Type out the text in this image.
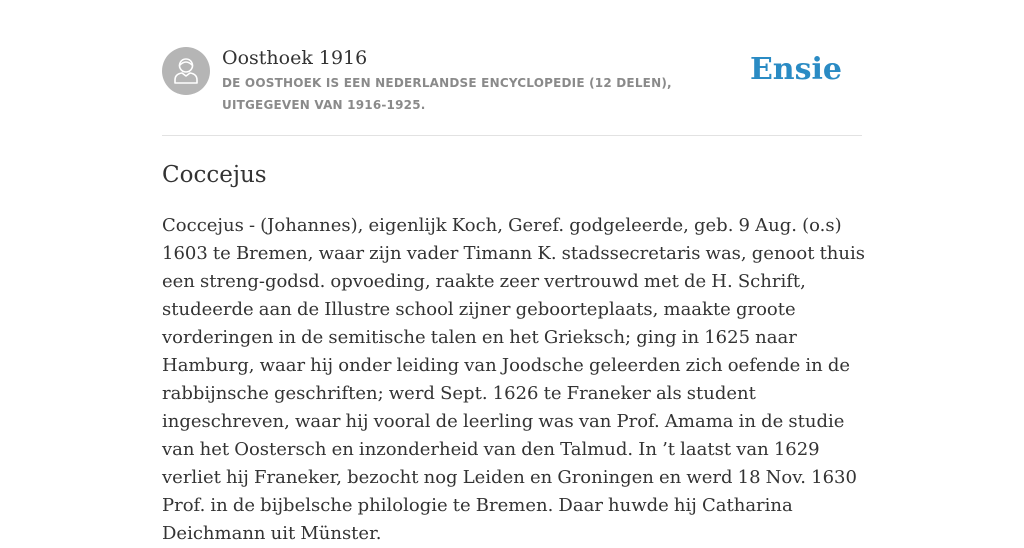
Oosthoek 1916
DE OOSTHOEK IS EEN NEDERLANDSE ENCYCLOPEDIE (12 DELEN), UITGEGEVEN VAN 1916-1925.
Ensie
Coccejus

Coccejus - (Johannes), eigenlijk Koch, Geref. godgeleerde, geb. 9 Aug. (o.s) 1603 te Bremen, waar zijn vader Timann K. stadssecretaris was, genoot thuis een streng-godsd. opvoeding, raakte zeer vertrouwd met de H. Schrift, studeerde aan de Illustre school zijner geboorteplaats, maakte groote vorderingen in de semitische talen en het Grieksch; ging in 1625 naar Hamburg, waar hij onder leiding van Joodsche geleerden zich oefende in de rabbijnsche geschriften; werd Sept. 1626 te Franeker als student ingeschreven, waar hij vooral de leerling was van Prof. Amama in de studie van het Oostersch en inzonderheid van den Talmud. In ’t laatst van 1629 verliet hij Franeker, bezocht nog Leiden en Groningen en werd 18 Nov. 1630 Prof. in de bijbelsche philologie te Bremen. Daar huwde hij Catharina Deichmann uit Münster.
